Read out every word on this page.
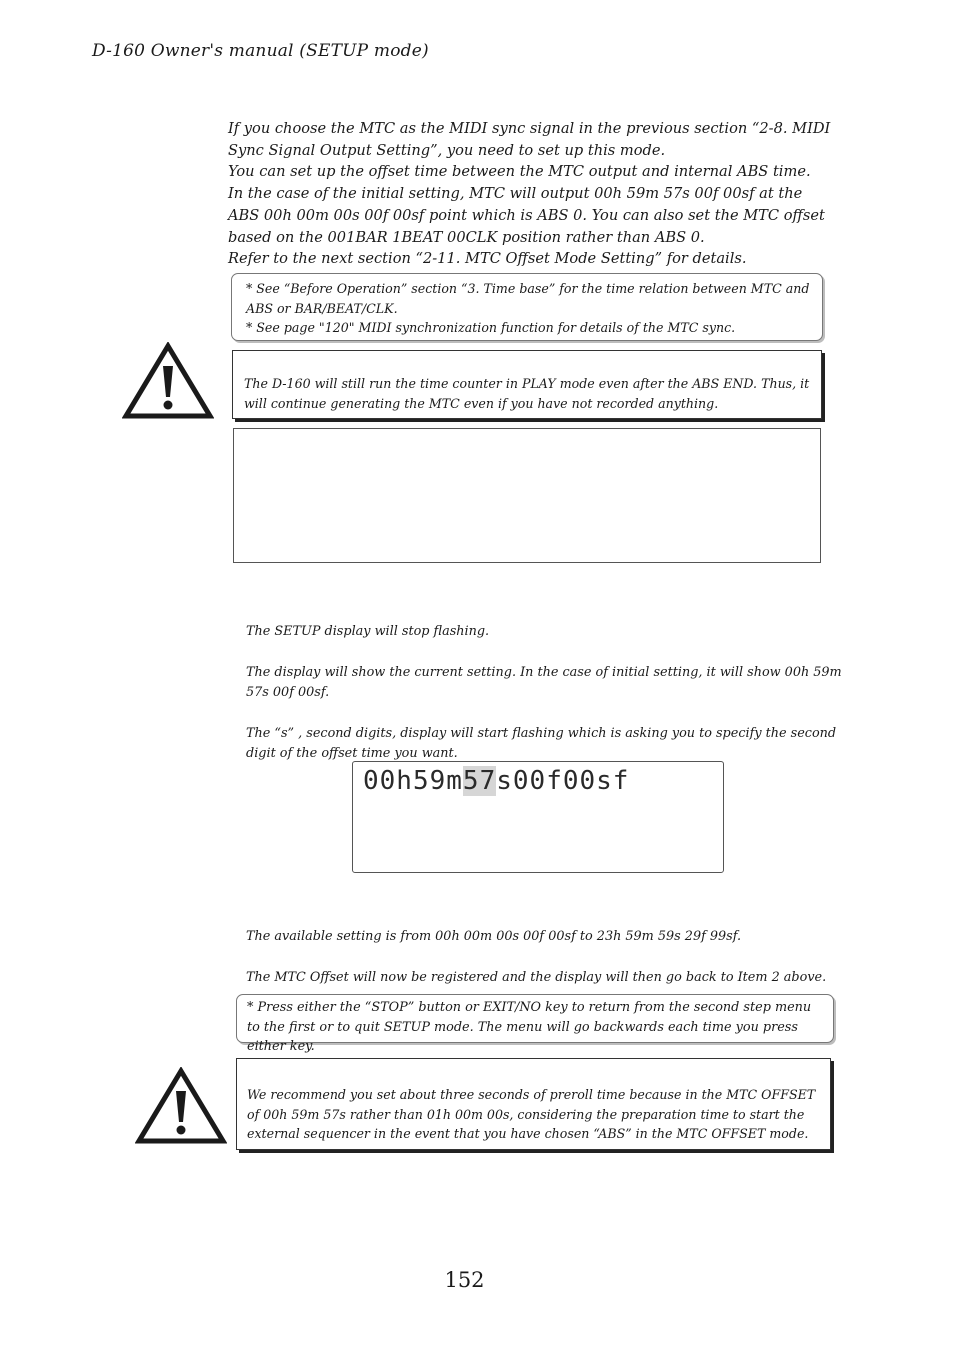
D-160 Owner's manual (SETUP mode)

If you choose the MTC as the MIDI sync signal in the previous section “2-8. MIDI Sync Signal Output Setting”, you need to set up this mode.

You can set up the offset time between the MTC output and internal ABS time.

In the case of the initial setting, MTC will output 00h 59m 57s 00f 00sf at the ABS 00h 00m 00s 00f 00sf point which is ABS 0. You can also set the MTC offset based on the 001BAR 1BEAT 00CLK position rather than ABS 0.

Refer to the next section “2-11. MTC Offset Mode Setting” for details.

* See “Before Operation” section “3. Time base” for the time relation between MTC and ABS or BAR/BEAT/CLK.

* See page "120" MIDI synchronization function for details of the MTC sync.

The D-160 will still run the time counter in PLAY mode even after the ABS END. Thus, it will continue generating the MTC even if you have not recorded anything.

The SETUP display will stop flashing.

The display will show the current setting. In the case of initial setting, it will show 00h 59m 57s 00f 00sf.

The “s” , second digits, display will start flashing which is asking you to specify the second digit of the offset time you want.

00h59m57s00f00sf

The available setting is from 00h 00m 00s 00f 00sf to 23h 59m 59s 29f 99sf.

The MTC Offset will now be registered and the display will then go back to Item 2 above.

* Press either the “STOP” button or EXIT/NO key to return from the second step menu to the first or to quit SETUP mode. The menu will go backwards each time you press either key.

We recommend you set about three seconds of preroll time because in the MTC OFFSET of 00h 59m 57s rather than 01h 00m 00s, considering the preparation time to start the external sequencer in the event that you have chosen “ABS” in the MTC OFFSET mode.

152
